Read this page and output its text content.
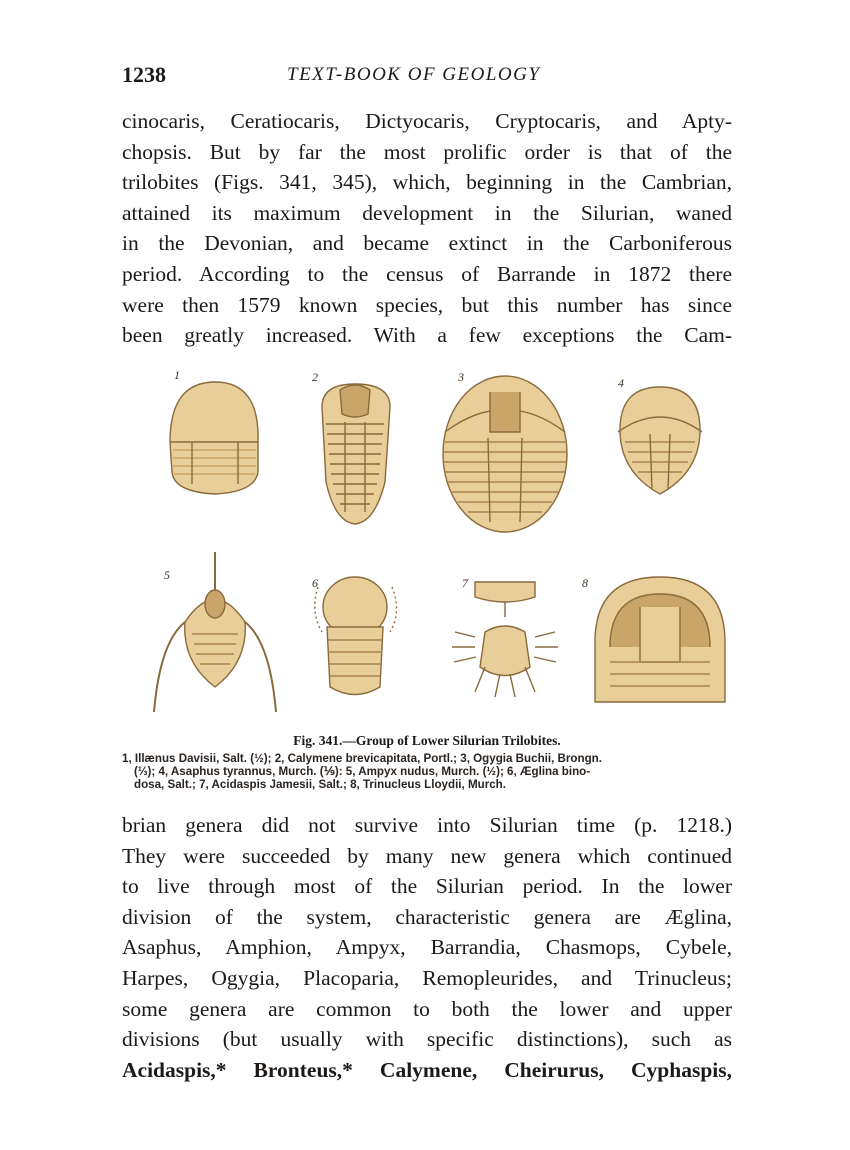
1238	TEXT-BOOK OF GEOLOGY
cinocaris, Ceratiocaris, Dictyocaris, Cryptocaris, and Apty-
chopsis. But by far the most prolific order is that of the
trilobites (Figs. 341, 345), which, beginning in the Cambrian,
attained its maximum development in the Silurian, waned
in the Devonian, and became extinct in the Carboniferous
period. According to the census of Barrande in 1872 there
were then 1579 known species, but this number has since
been greatly increased. With a few exceptions the Cam-
1	2	3	4
5
6	7	8
Fig. 341.—Group of Lower Silurian Trilobites.
1, Illænus Davisii, Salt. (½); 2, Calymene brevicapitata, Portl.; 3, Ogygia Buchii, Brongn.
(⅓); 4, Asaphus tyrannus, Murch. (⅑): 5, Ampyx nudus, Murch. (½); 6, Æglina bino-
dosa, Salt.; 7, Acidaspis Jamesii, Salt.; 8, Trinucleus Lloydii, Murch.
brian genera did not survive into Silurian time (p. 1218.)
They were succeeded by many new genera which continued
to live through most of the Silurian period. In the lower
division of the system, characteristic genera are Æglina,
Asaphus, Amphion, Ampyx, Barrandia, Chasmops, Cybele,
Harpes, Ogygia, Placoparia, Remopleurides, and Trinucleus;
some genera are common to both the lower and upper
divisions (but usually with specific distinctions), such as
Acidaspis,* Bronteus,* Calymene, Cheirurus, Cyphaspis,
